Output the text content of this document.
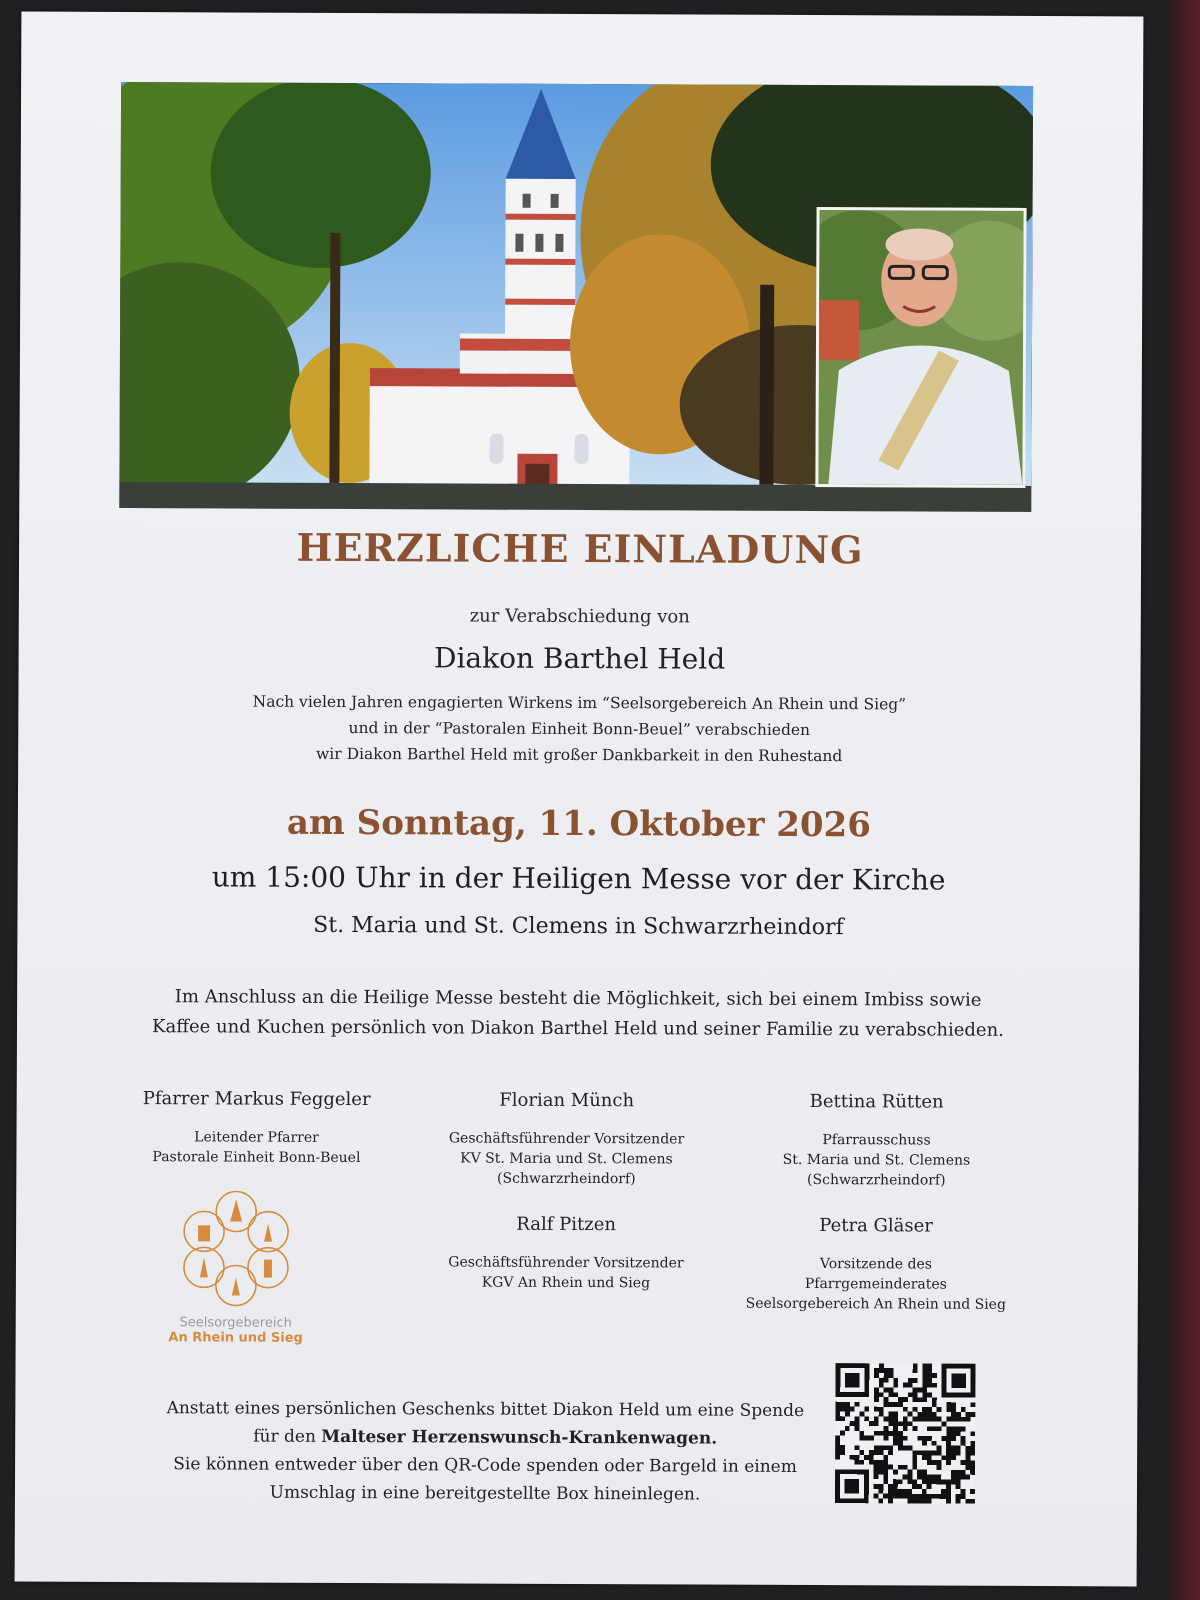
HERZLICHE EINLADUNG
zur Verabschiedung von
Diakon Barthel Held
Nach vielen Jahren engagierten Wirkens im “Seelsorgebereich An Rhein und Sieg”
und in der “Pastoralen Einheit Bonn-Beuel” verabschieden
wir Diakon Barthel Held mit großer Dankbarkeit in den Ruhestand
am Sonntag, 11. Oktober 2026
um 15:00 Uhr in der Heiligen Messe vor der Kirche
St. Maria und St. Clemens in Schwarzrheindorf
Im Anschluss an die Heilige Messe besteht die Möglichkeit, sich bei einem Imbiss sowie
Kaffee und Kuchen persönlich von Diakon Barthel Held und seiner Familie zu verabschieden.
Pfarrer Markus Feggeler
Leitender Pfarrer
Pastorale Einheit Bonn-Beuel
Florian Münch
Geschäftsführender Vorsitzender
KV St. Maria und St. Clemens
(Schwarzrheindorf)
Bettina Rütten
Pfarrausschuss
St. Maria und St. Clemens
(Schwarzrheindorf)
Ralf Pitzen
Geschäftsführender Vorsitzender
KGV An Rhein und Sieg
Petra Gläser
Vorsitzende des
Pfarrgemeinderates
Seelsorgebereich An Rhein und Sieg
Seelsorgebereich
An Rhein und Sieg
Anstatt eines persönlichen Geschenks bittet Diakon Held um eine Spende
für den Malteser Herzenswunsch-Krankenwagen.
Sie können entweder über den QR-Code spenden oder Bargeld in einem
Umschlag in eine bereitgestellte Box hineinlegen.
